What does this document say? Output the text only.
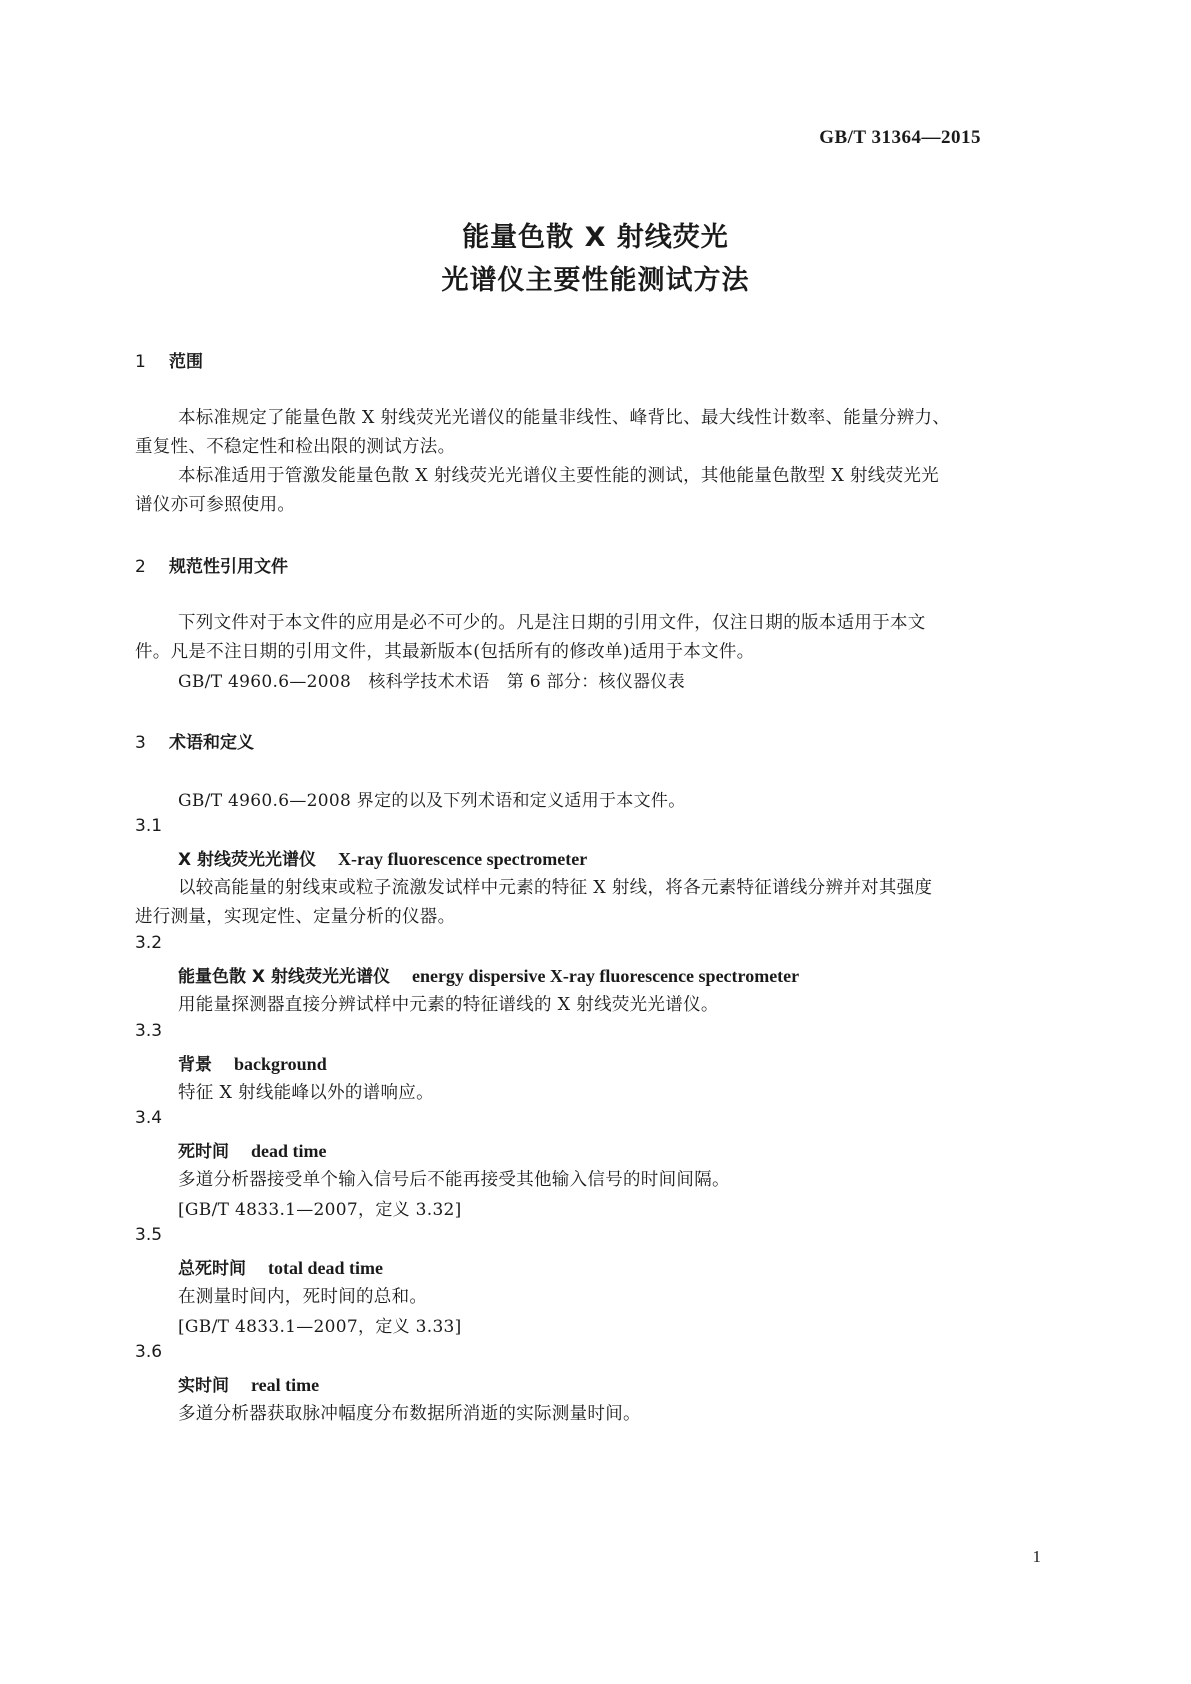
GB/T 31364—2015
能量色散 X 射线荧光
光谱仪主要性能测试方法
1 范围
本标准规定了能量色散 X 射线荧光光谱仪的能量非线性、峰背比、最大线性计数率、能量分辨力、
重复性、不稳定性和检出限的测试方法。
本标准适用于管激发能量色散 X 射线荧光光谱仪主要性能的测试，其他能量色散型 X 射线荧光光
谱仪亦可参照使用。
2 规范性引用文件
下列文件对于本文件的应用是必不可少的。凡是注日期的引用文件，仅注日期的版本适用于本文
件。凡是不注日期的引用文件，其最新版本(包括所有的修改单)适用于本文件。
GB/T 4960.6—2008　核科学技术术语　第 6 部分：核仪器仪表
3 术语和定义
GB/T 4960.6—2008 界定的以及下列术语和定义适用于本文件。
3.1
X 射线荧光光谱仪 X-ray fluorescence spectrometer
以较高能量的射线束或粒子流激发试样中元素的特征 X 射线，将各元素特征谱线分辨并对其强度
进行测量，实现定性、定量分析的仪器。
3.2
能量色散 X 射线荧光光谱仪 energy dispersive X-ray fluorescence spectrometer
用能量探测器直接分辨试样中元素的特征谱线的 X 射线荧光光谱仪。
3.3
背景 background
特征 X 射线能峰以外的谱响应。
3.4
死时间 dead time
多道分析器接受单个输入信号后不能再接受其他输入信号的时间间隔。
[GB/T 4833.1—2007，定义 3.32]
3.5
总死时间 total dead time
在测量时间内，死时间的总和。
[GB/T 4833.1—2007，定义 3.33]
3.6
实时间 real time
多道分析器获取脉冲幅度分布数据所消逝的实际测量时间。
1
